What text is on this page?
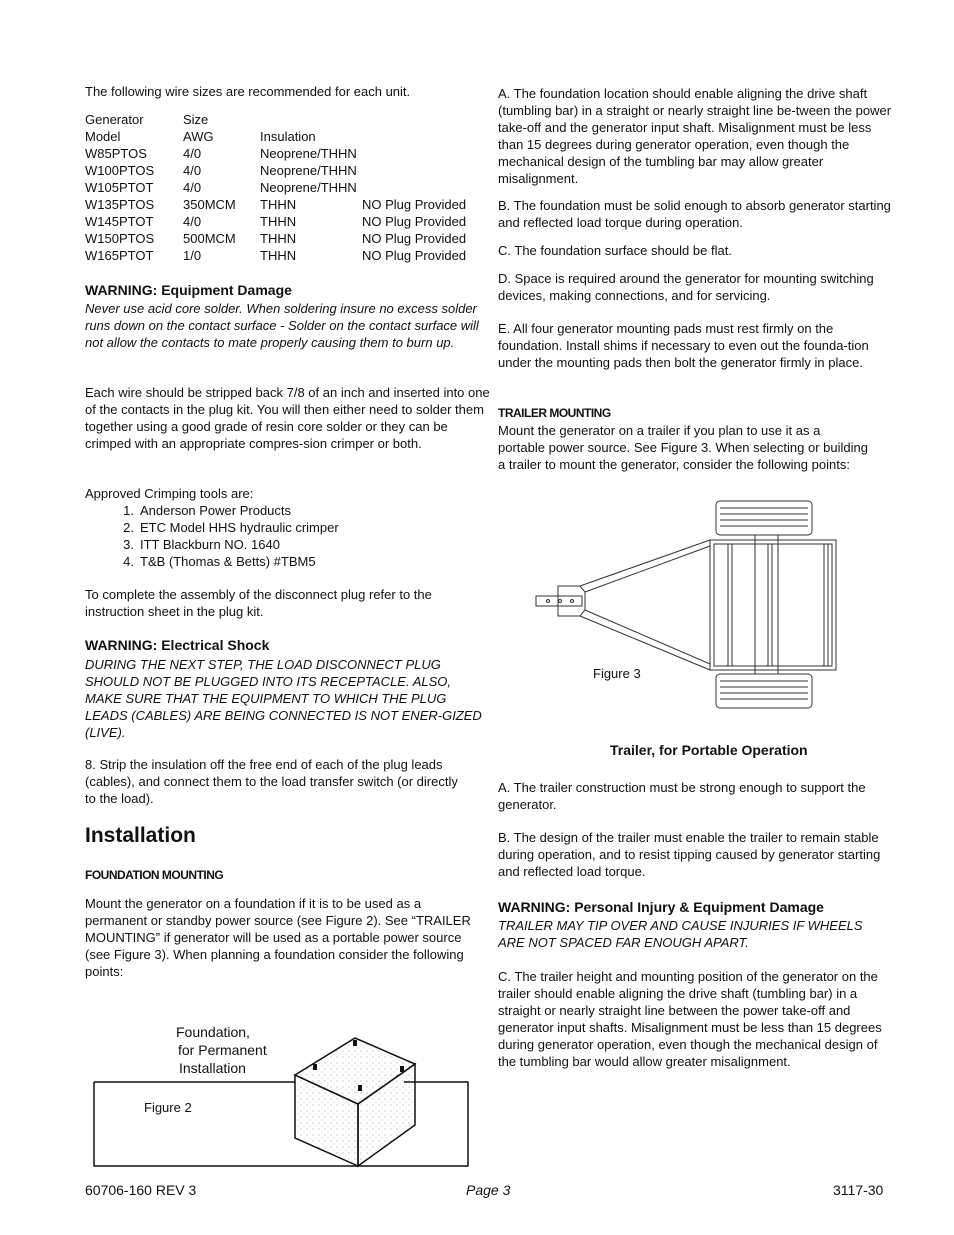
The following wire sizes are recommended for each unit.
Generator	Size		
Model	AWG	Insulation	
W85PTOS	4/0	Neoprene/THHN	
W100PTOS	4/0	Neoprene/THHN	
W105PTOT	4/0	Neoprene/THHN	
W135PTOS	350MCM	THHN	NO Plug Provided
W145PTOT	4/0	THHN	NO Plug Provided
W150PTOS	500MCM	THHN	NO Plug Provided
W165PTOT	1/0	THHN	NO Plug Provided
WARNING: Equipment Damage
Never use acid core solder. When soldering insure no excess solder runs down on the contact surface - Solder on the contact surface will not allow the contacts to mate properly causing them to burn up.
Each wire should be stripped back 7/8 of an inch and inserted into one of the contacts in the plug kit. You will then either need to solder them together using a good grade of resin core solder or they can be crimped with an appropriate compres-sion crimper or both.
Approved Crimping tools are:
1. Anderson Power Products
2. ETC Model HHS hydraulic crimper
3. ITT Blackburn NO. 1640
4. T&B (Thomas & Betts) #TBM5
To complete the assembly of the disconnect plug refer to the instruction sheet in the plug kit.
WARNING: Electrical Shock
DURING THE NEXT STEP, THE LOAD DISCONNECT PLUG SHOULD NOT BE PLUGGED INTO ITS RECEPTACLE. ALSO, MAKE SURE THAT THE EQUIPMENT TO WHICH THE PLUG LEADS (CABLES) ARE BEING CONNECTED IS NOT ENER-GIZED (LIVE).
8. Strip the insulation off the free end of each of the plug leads (cables), and connect them to the load transfer switch (or directly to the load).
Installation
FOUNDATION MOUNTING
Mount the generator on a foundation if it is to be used as a permanent or standby power source (see Figure 2). See “TRAILER MOUNTING” if generator will be used as a portable power source (see Figure 3). When planning a foundation consider the following points:
Foundation,
for Permanent
Installation
Figure 2
A. The foundation location should enable aligning the drive shaft (tumbling bar) in a straight or nearly straight line be-tween the power take-off and the generator input shaft. Misalignment must be less than 15 degrees during generator operation, even though the mechanical design of the tumbling bar may allow greater misalignment.
B. The foundation must be solid enough to absorb generator starting and reflected load torque during operation.
C. The foundation surface should be flat.
D. Space is required around the generator for mounting switching devices, making connections, and for servicing.
E. All four generator mounting pads must rest firmly on the foundation. Install shims if necessary to even out the founda-tion under the mounting pads then bolt the generator firmly in place.
TRAILER MOUNTING
Mount the generator on a trailer if you plan to use it as a portable power source. See Figure 3. When selecting or building a trailer to mount the generator, consider the following points:
Figure 3
Trailer, for Portable Operation
A. The trailer construction must be strong enough to support the generator.
B. The design of the trailer must enable the trailer to remain stable during operation, and to resist tipping caused by generator starting and reflected load torque.
WARNING: Personal Injury & Equipment Damage
TRAILER MAY TIP OVER AND CAUSE INJURIES IF WHEELS ARE NOT SPACED FAR ENOUGH APART.
C. The trailer height and mounting position of the generator on the trailer should enable aligning the drive shaft (tumbling bar) in a straight or nearly straight line between the power take-off and generator input shafts. Misalignment must be less than 15 degrees during generator operation, even though the mechanical design of the tumbling bar would allow greater misalignment.
60706-160 REV 3	Page 3	3117-30
